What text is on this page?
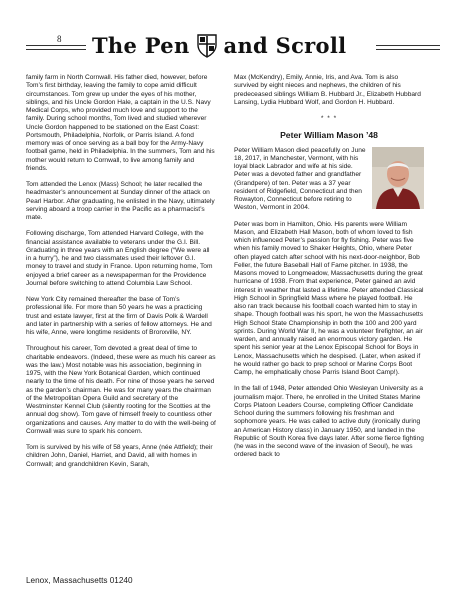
8 The Pen and Scroll

family farm in North Cornwall. His father died, however, before Tom’s first birthday, leaving the family to cope amid difficult circumstances. Tom grew up under the eyes of his mother, siblings, and his Uncle Gordon Hale, a captain in the U.S. Navy Medical Corps, who provided much love and support to the family. During school months, Tom lived and studied wherever Uncle Gordon happened to be stationed on the East Coast: Portsmouth, Philadelphia, Norfolk, or Parris Island. A fond memory was of once serving as a ball boy for the Army-Navy football game, held in Philadelphia. In the summers, Tom and his mother would return to Cornwall, to live among family and friends.

Tom attended the Lenox (Mass) School; he later recalled the headmaster’s announcement at Sunday dinner of the attack on Pearl Harbor. After graduating, he enlisted in the Navy, ultimately serving aboard a troop carrier in the Pacific as a pharmacist’s mate.

Following discharge, Tom attended Harvard College, with the financial assistance available to veterans under the G.I. Bill. Graduating in three years with an English degree (“We were all in a hurry”), he and two classmates used their leftover G.I. money to travel and study in France. Upon returning home, Tom enjoyed a brief career as a newspaperman for the Providence Journal before switching to attend Columbia Law School.

New York City remained thereafter the base of Tom’s professional life. For more than 50 years he was a practicing trust and estate lawyer, first at the firm of Davis Polk & Wardell and later in partnership with a series of fellow attorneys. He and his wife, Anne, were longtime residents of Bronxville, NY.

Throughout his career, Tom devoted a great deal of time to charitable endeavors. (Indeed, these were as much his career as was the law.) Most notable was his association, beginning in 1975, with the New York Botanical Garden, which continued nearly to the time of his death. For nine of those years he served as the garden’s chairman. He was for many years the chairman of the Metropolitan Opera Guild and secretary of the Westminster Kennel Club (silently rooting for the Scotties at the annual dog show). Tom gave of himself freely to countless other organizations and causes. Any matter to do with the well-being of Cornwall was sure to spark his concern.

Tom is survived by his wife of 58 years, Anne (née Attfield); their children John, Daniel, Harriet, and David, all with homes in Cornwall; and grandchildren Kevin, Sarah,

Max (McKendry), Emily, Annie, Iris, and Ava. Tom is also survived by eight nieces and nephews, the children of his predeceased siblings William B. Hubbard Jr., Elizabeth Hubbard Lansing, Lydia Hubbard Wolf, and Gordon H. Hubbard.

* * *
Peter William Mason ’48

Peter William Mason died peacefully on June 18, 2017, in Manchester, Vermont, with his loyal black Labrador and wife at his side. Peter was a devoted father and grandfather (Grandpere) of ten. Peter was a 37 year resident of Ridgefield, Connecticut and then Rowayton, Connecticut before retiring to Weston, Vermont in 2004.

Peter was born in Hamilton, Ohio. His parents were William Mason, and Elizabeth Hall Mason, both of whom loved to fish which influenced Peter’s passion for fly fishing. Peter was five when his family moved to Shaker Heights, Ohio, where Peter often played catch after school with his next-door-neighbor, Bob Feller, the future Baseball Hall of Fame pitcher. In 1938, the Masons moved to Longmeadow, Massachusetts during the great hurricane of 1938. From that experience, Peter gained an avid interest in weather that lasted a lifetime. Peter attended Classical High School in Springfield Mass where he played football. He also ran track because his football coach wanted him to stay in shape. Though football was his sport, he won the Massachusetts High School State Championship in both the 100 and 200 yard sprints. During World War II, he was a volunteer firefighter, an air warden, and annually raised an enormous victory garden. He spent his senior year at the Lenox Episcopal School for Boys in Lenox, Massachusetts which he despised. (Later, when asked if he would rather go back to prep school or Marine Corps Boot Camp, he emphatically chose Parris Island Boot Camp!).

In the fall of 1948, Peter attended Ohio Wesleyan University as a journalism major. There, he enrolled in the United States Marine Corps Platoon Leaders Course, completing Officer Candidate School during the summers following his freshman and sophomore years. He was called to active duty (ironically during an American History class) in January 1950, and landed in the Republic of South Korea five days later. After some fierce fighting (he was in the second wave of the invasion of Seoul), he was ordered back to

Lenox, Massachusetts 01240
